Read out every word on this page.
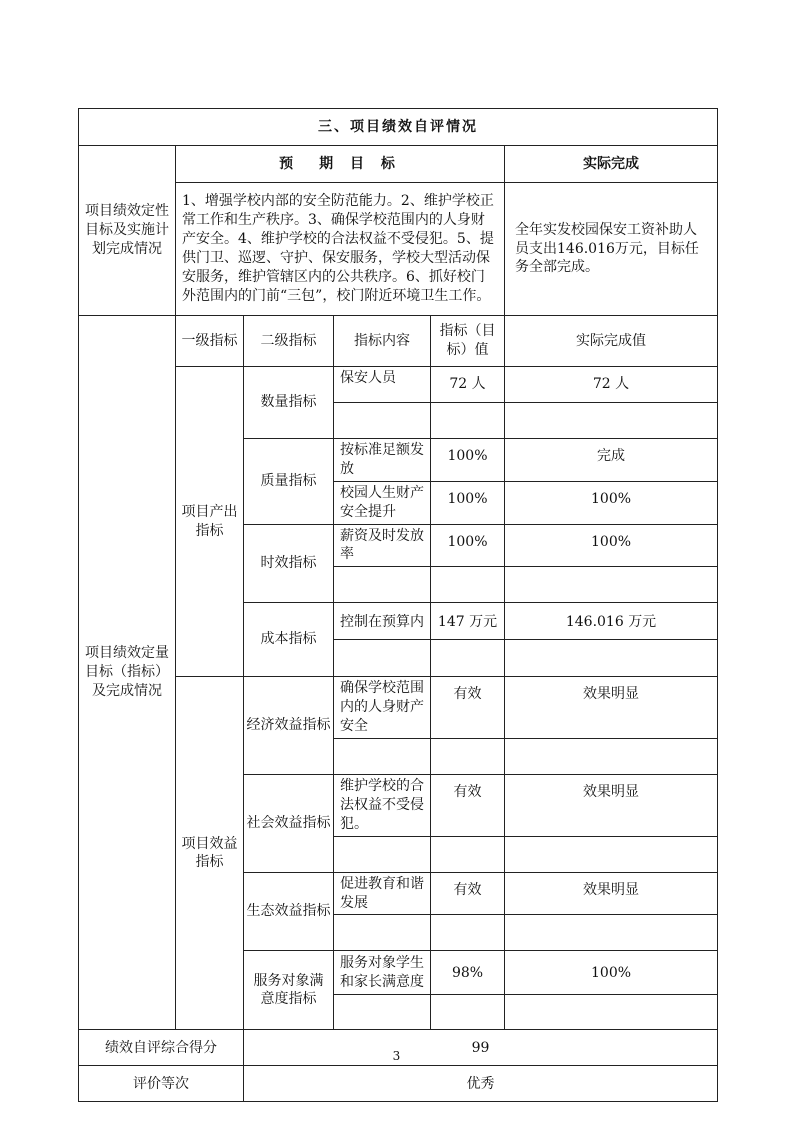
三、项目绩效自评情况					
项目绩效定性目标及实施计划完成情况	预　期 目 标				实际完成
	1、增强学校内部的安全防范能力。2、维护学校正常工作和生产秩序。3、确保学校范围内的人身财产安全。4、维护学校的合法权益不受侵犯。5、提供门卫、巡逻、守护、保安服务，学校大型活动保安服务，维护管辖区内的公共秩序。6、抓好校门外范围内的门前“三包”，校门附近环境卫生工作。				全年实发校园保安工资补助人员支出146.016万元，目标任务全部完成。
项目绩效定量目标（指标）及完成情况	一级指标	二级指标	指标内容	指标（目标）值	实际完成值
	项目产出指标	数量指标	保安人员	72 人	72 人

		质量指标	按标准足额发放	100%	完成
			校园人生财产安全提升	100%	100%
		时效指标	薪资及时发放率	100%	100%

		成本指标	控制在预算内	147 万元	146.016 万元

	项目效益指标	经济效益指标	确保学校范围内的人身财产安全	有效	效果明显

		社会效益指标	维护学校的合法权益不受侵犯。	有效	效果明显

		生态效益指标	促进教育和谐发展	有效	效果明显

		服务对象满意度指标	服务对象学生和家长满意度	98%	100%

绩效自评综合得分		99			
评价等次		优秀			
3
